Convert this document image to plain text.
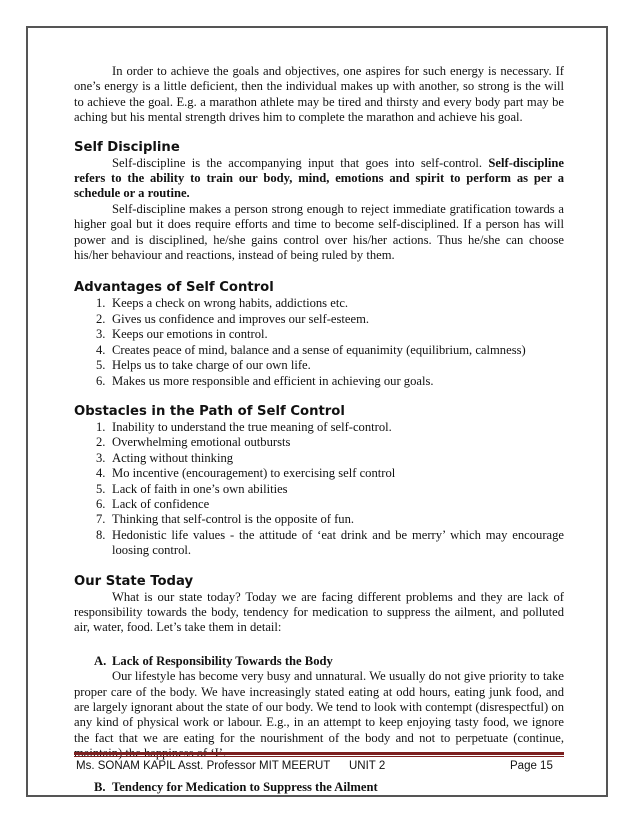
In order to achieve the goals and objectives, one aspires for such energy is necessary. If one’s energy is a little deficient, then the individual makes up with another, so strong is the will to achieve the goal. E.g. a marathon athlete may be tired and thirsty and every body part may be aching but his mental strength drives him to complete the marathon and achieve his goal.

Self Discipline

Self-discipline is the accompanying input that goes into self-control. Self-discipline refers to the ability to train our body, mind, emotions and spirit to perform as per a schedule or a routine.

Self-discipline makes a person strong enough to reject immediate gratification towards a higher goal but it does require efforts and time to become self-disciplined. If a person has will power and is disciplined, he/she gains control over his/her actions. Thus he/she can choose his/her behaviour and reactions, instead of being ruled by them.

Advantages of Self Control
1. Keeps a check on wrong habits, addictions etc.
2. Gives us confidence and improves our self-esteem.
3. Keeps our emotions in control.
4. Creates peace of mind, balance and a sense of equanimity (equilibrium, calmness)
5. Helps us to take charge of our own life.
6. Makes us more responsible and efficient in achieving our goals.
Obstacles in the Path of Self Control
1. Inability to understand the true meaning of self-control.
2. Overwhelming emotional outbursts
3. Acting without thinking
4. Mo incentive (encouragement) to exercising self control
5. Lack of faith in one’s own abilities
6. Lack of confidence
7. Thinking that self-control is the opposite of fun.
8. Hedonistic life values - the attitude of ‘eat drink and be merry’ which may encourage loosing control.
Our State Today

What is our state today? Today we are facing different problems and they are lack of responsibility towards the body, tendency for medication to suppress the ailment, and polluted air, water, food. Let’s take them in detail:

A. Lack of Responsibility Towards the Body

Our lifestyle has become very busy and unnatural. We usually do not give priority to take proper care of the body. We have increasingly stated eating at odd hours, eating junk food, and are largely ignorant about the state of our body. We tend to look with contempt (disrespectful) on any kind of physical work or labour. E.g., in an attempt to keep enjoying tasty food, we ignore the fact that we are eating for the nourishment of the body and not to perpetuate (continue,

B. Tendency for Medication to Suppress the Ailment
Ms. SONAM KAPIL Asst. Professor MIT MEERUT UNIT 2	Page 15
